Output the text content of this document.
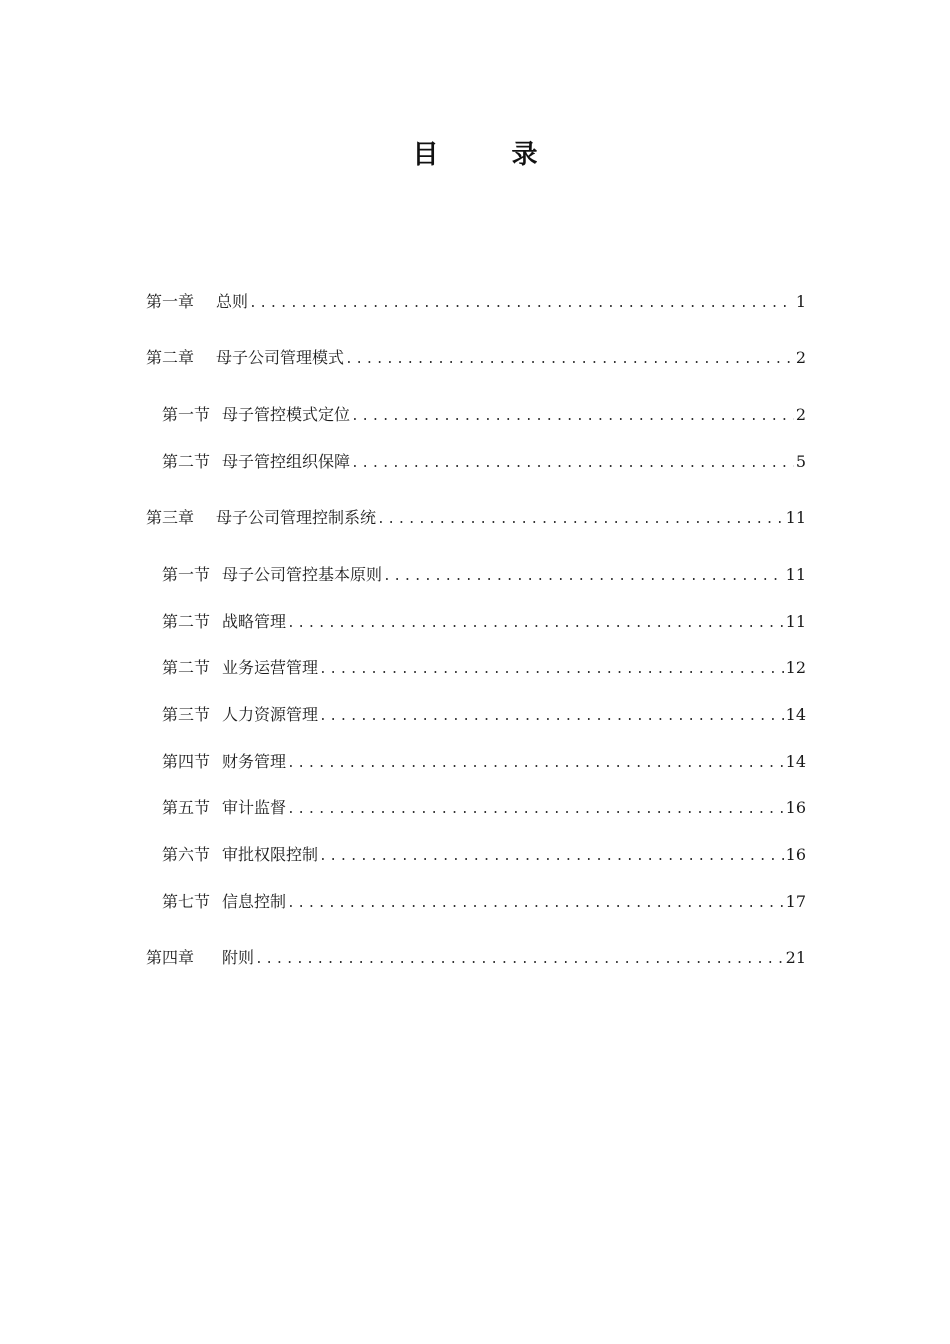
目 录
第一章 总则 .....	1
第二章 母子公司管理模式 .....	2
第一节 母子管控模式定位 .....	2
第二节 母子管控组织保障 .....	5
第三章 母子公司管理控制系统 .....	11
第一节 母子公司管控基本原则 .....	11
第二节 战略管理 .....	11
第二节 业务运营管理 .....	12
第三节 人力资源管理 .....	14
第四节 财务管理 .....	14
第五节 审计监督 .....	16
第六节 审批权限控制 .....	16
第七节 信息控制 .....	17
第四章 附则 .....	21
